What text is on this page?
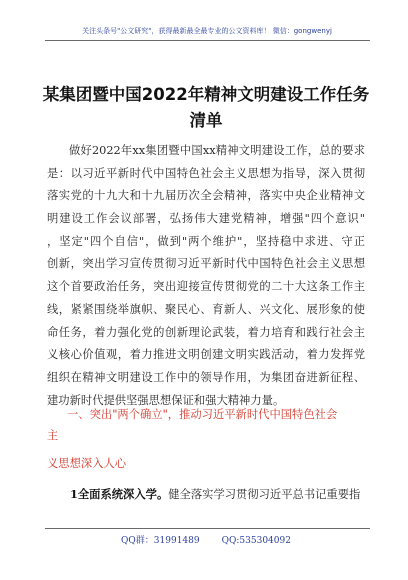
关注头条号"公文研究"，获得最新最全最专业的公文资料库！ 微信：gongwenyj
某集团暨中国2022年精神文明建设工作任务
清单
做好2022年xx集团暨中国xx精神文明建设工作，总的要求
是：以习近平新时代中国特色社会主义思想为指导，深入贯彻
落实党的十九大和十九届历次全会精神，落实中央企业精神文
明建设工作会议部署，弘扬伟大建党精神，增强"四个意识"
，坚定"四个自信"，做到"两个维护"，坚持稳中求进、守正
创新，突出学习宣传贯彻习近平新时代中国特色社会主义思想
这个首要政治任务，突出迎接宣传贯彻党的二十大这条工作主
线，紧紧围绕举旗帜、聚民心、育新人、兴文化、展形象的使
命任务，着力强化党的创新理论武装，着力培育和践行社会主
义核心价值观，着力推进文明创建文明实践活动，着力发挥党
组织在精神文明建设工作中的领导作用，为集团奋进新征程、
建功新时代提供坚强思想保证和强大精神力量。
一、突出"两个确立"，推动习近平新时代中国特色社会
主
义思想深入人心
1全面系统深入学。健全落实学习贯彻习近平总书记重要指
QQ群：31991489 QQ:535304092
